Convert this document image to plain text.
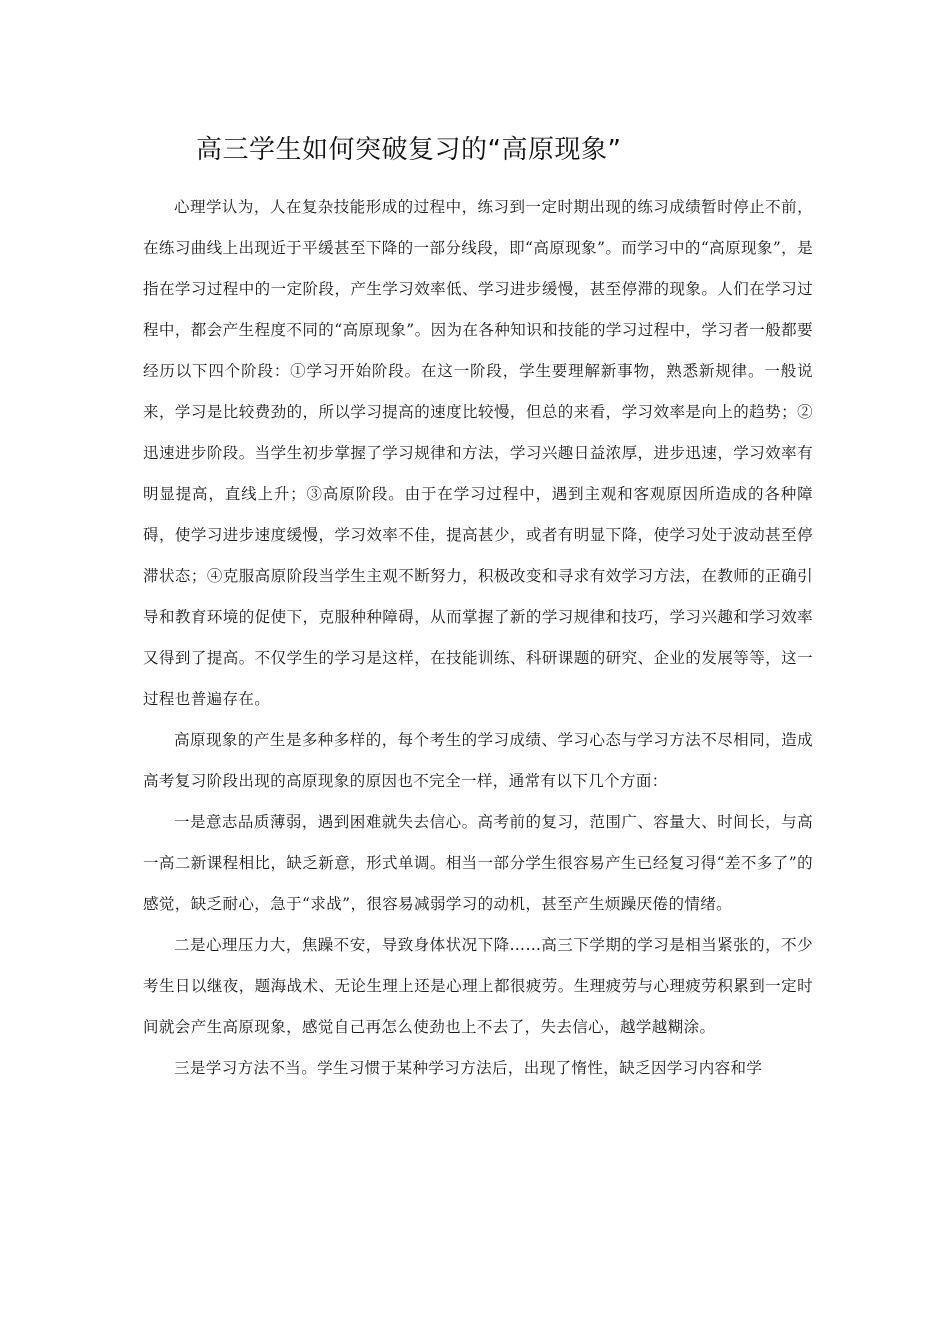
高三学生如何突破复习的“高原现象”

心理学认为，人在复杂技能形成的过程中，练习到一定时期出现的练习成绩暂时停止不前，在练习曲线上出现近于平缓甚至下降的一部分线段，即“高原现象”。而学习中的“高原现象”，是指在学习过程中的一定阶段，产生学习效率低、学习进步缓慢，甚至停滞的现象。人们在学习过程中，都会产生程度不同的“高原现象”。因为在各种知识和技能的学习过程中，学习者一般都要经历以下四个阶段：①学习开始阶段。在这一阶段，学生要理解新事物，熟悉新规律。一般说来，学习是比较费劲的，所以学习提高的速度比较慢，但总的来看，学习效率是向上的趋势；②迅速进步阶段。当学生初步掌握了学习规律和方法，学习兴趣日益浓厚，进步迅速，学习效率有明显提高，直线上升；③高原阶段。由于在学习过程中，遇到主观和客观原因所造成的各种障碍，使学习进步速度缓慢，学习效率不佳，提高甚少，或者有明显下降，使学习处于波动甚至停滞状态；④克服高原阶段当学生主观不断努力，积极改变和寻求有效学习方法，在教师的正确引导和教育环境的促使下，克服种种障碍，从而掌握了新的学习规律和技巧，学习兴趣和学习效率又得到了提高。不仅学生的学习是这样，在技能训练、科研课题的研究、企业的发展等等，这一过程也普遍存在。

高原现象的产生是多种多样的，每个考生的学习成绩、学习心态与学习方法不尽相同，造成高考复习阶段出现的高原现象的原因也不完全一样，通常有以下几个方面：

一是意志品质薄弱，遇到困难就失去信心。高考前的复习，范围广、容量大、时间长，与高一高二新课程相比，缺乏新意，形式单调。相当一部分学生很容易产生已经复习得“差不多了”的感觉，缺乏耐心，急于“求战”，很容易减弱学习的动机，甚至产生烦躁厌倦的情绪。

二是心理压力大，焦躁不安，导致身体状况下降……高三下学期的学习是相当紧张的，不少考生日以继夜，题海战术、无论生理上还是心理上都很疲劳。生理疲劳与心理疲劳积累到一定时间就会产生高原现象，感觉自己再怎么使劲也上不去了，失去信心，越学越糊涂。

三是学习方法不当。学生习惯于某种学习方法后，出现了惰性，缺乏因学习内容和学
